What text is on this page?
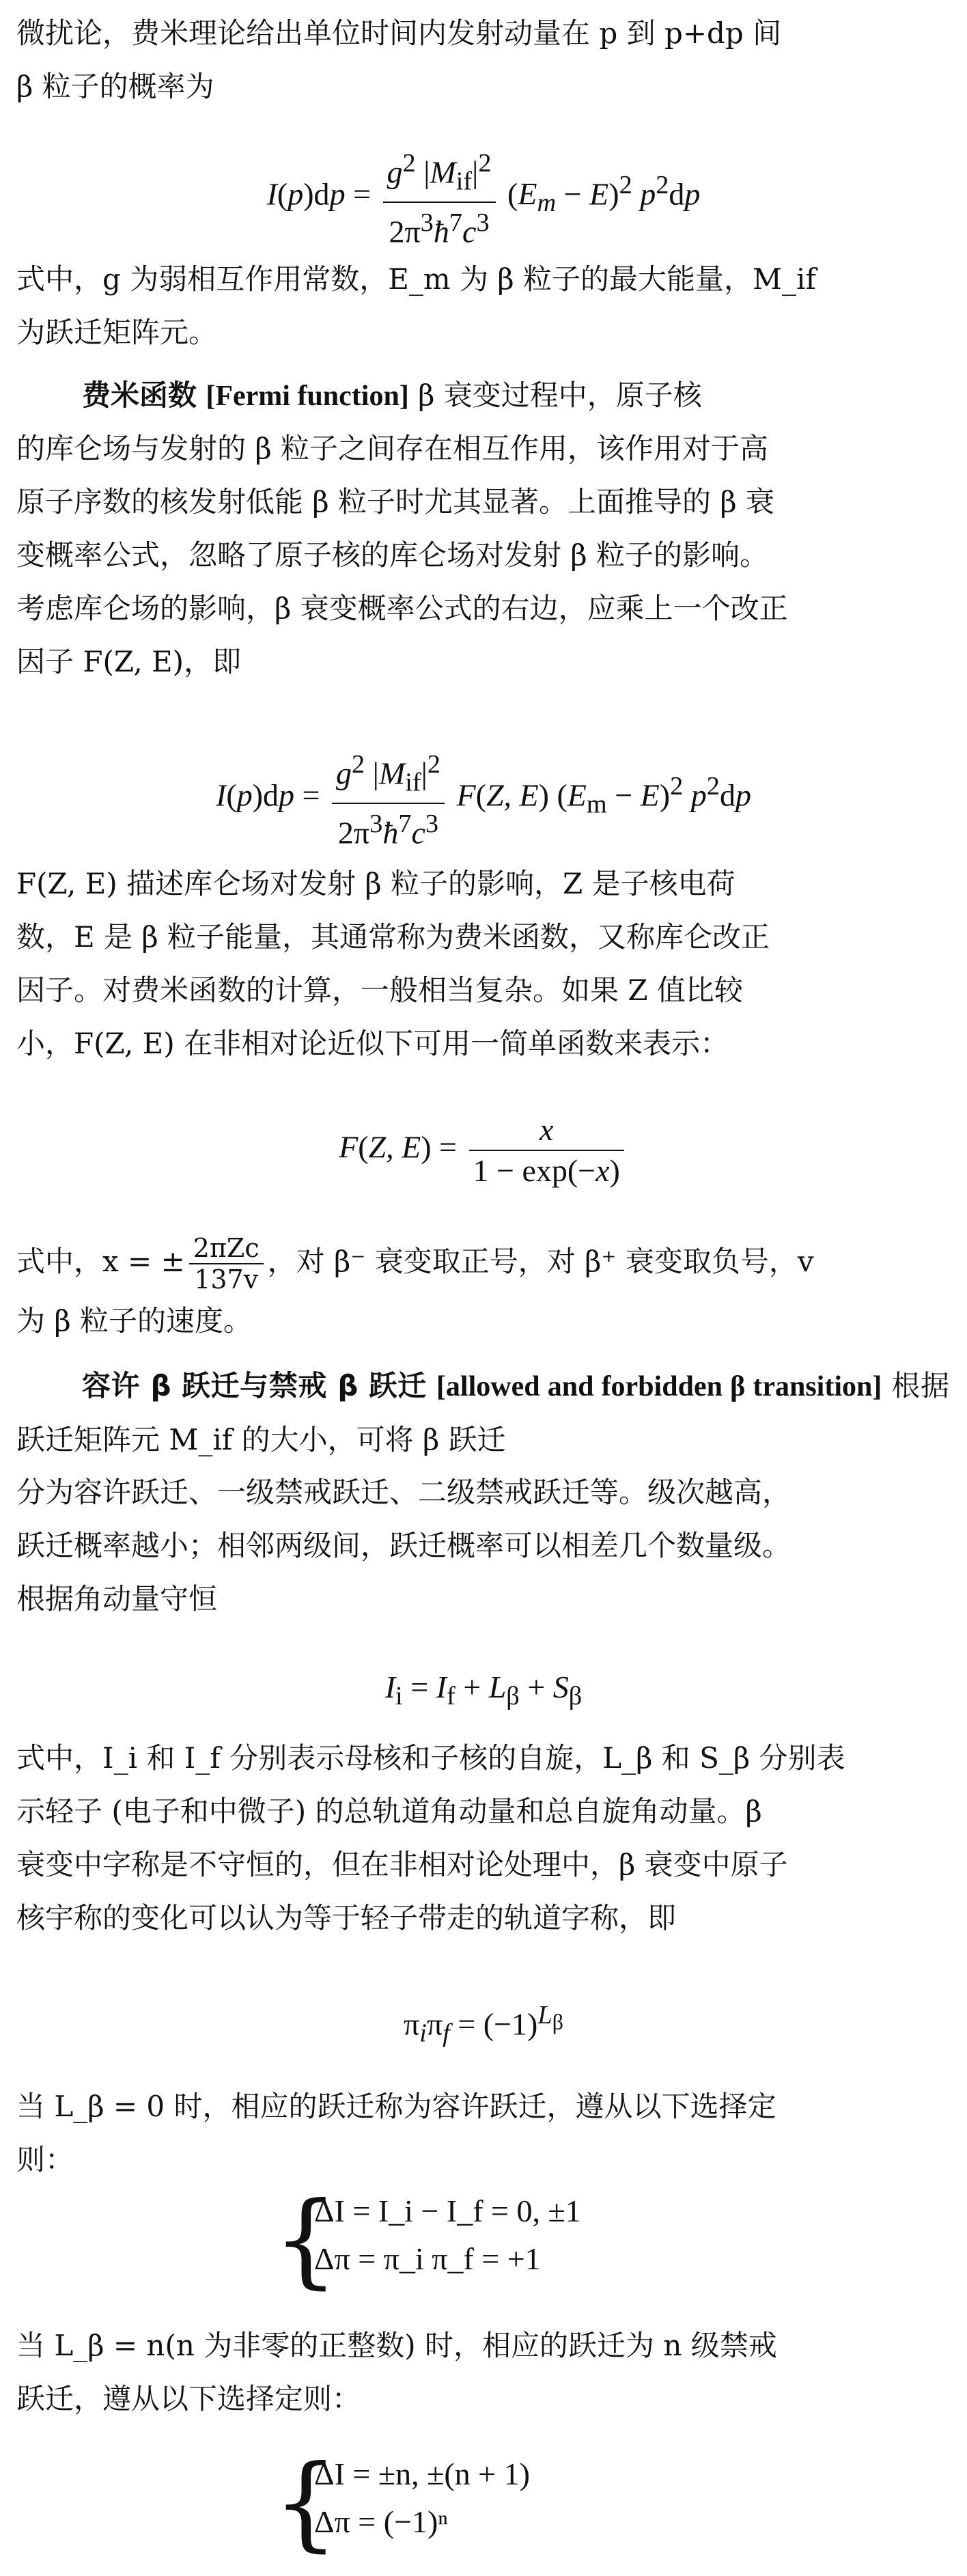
微扰论，费米理论给出单位时间内发射动量在 p 到 p+dp 间
β 粒子的概率为
$I(p)dp = \frac{g^2 |M_{if}|^2}{2\pi^3ħ^7c^3} (E_m - E)^2$ $p^2dp$
式中，g 为弱相互作用常数，E_m 为 β 粒子的最大能量，M_if
为跃迁矩阵元。
费米函数 [Fermi function] β 衰变过程中，原子核
的库仑场与发射的 β 粒子之间存在相互作用，该作用对于高
原子序数的核发射低能 β 粒子时尤其显著。上面推导的 β 衰
变概率公式，忽略了原子核的库仑场对发射 β 粒子的影响。
考虑库仑场的影响，β 衰变概率公式的右边，应乘上一个改正
因子 F(Z, E)，即
$I(p)dp = \frac{g^2 |M_{if}|^2}{2\pi^3ħ^7c^3} F(Z$, E) $(E_m - E)^2$ $p^2dp$
F(Z, E) 描述库仑场对发射 β 粒子的影响，Z 是子核电荷
数，E 是 β 粒子能量，其通常称为费米函数，又称库仑改正
因子。对费米函数的计算，一般相当复杂。如果 Z 值比较
小，F(Z, E) 在非相对论近似下可用一简单函数来表示：
F(Z, $E) = \frac{x}{1 - \exp(-x)}$
式中，x = ± $\frac{\text{2πZc}}{137v}$ ，对 β⁻ 衰变取正号，对 β⁺ 衰变取负号，v
为 β 粒子的速度。
容许 β 跃迁与禁戒 β 跃迁 [allowed and forbidden β transition] 根据跃迁矩阵元 M_if 的大小，可将 β 跃迁
分为容许跃迁、一级禁戒跃迁、二级禁戒跃迁等。级次越高，
跃迁概率越小；相邻两级间，跃迁概率可以相差几个数量级。
根据角动量守恒
$I_i = I_f + L_\beta + S_\beta$
式中，I_i 和 I_f 分别表示母核和子核的自旋，L_β 和 S_β 分别表
示轻子 (电子和中微子) 的总轨道角动量和总自旋角动量。β
衰变中字称是不守恒的，但在非相对论处理中，β 衰变中原子
核宇称的变化可以认为等于轻子带走的轨道字称，即
$\pi_i\pi_f = (-1)^{L_\beta}$
当 L_β = 0 时，相应的跃迁称为容许跃迁，遵从以下选择定
则：
{
ΔI = I_i − I_f = 0, ±1
Δπ = π_i π_f = +1
当 L_β = n(n 为非零的正整数) 时，相应的跃迁为 n 级禁戒
跃迁，遵从以下选择定则：
{
ΔI = ±n, ±(n + 1)
Δπ = (−1)ⁿ
